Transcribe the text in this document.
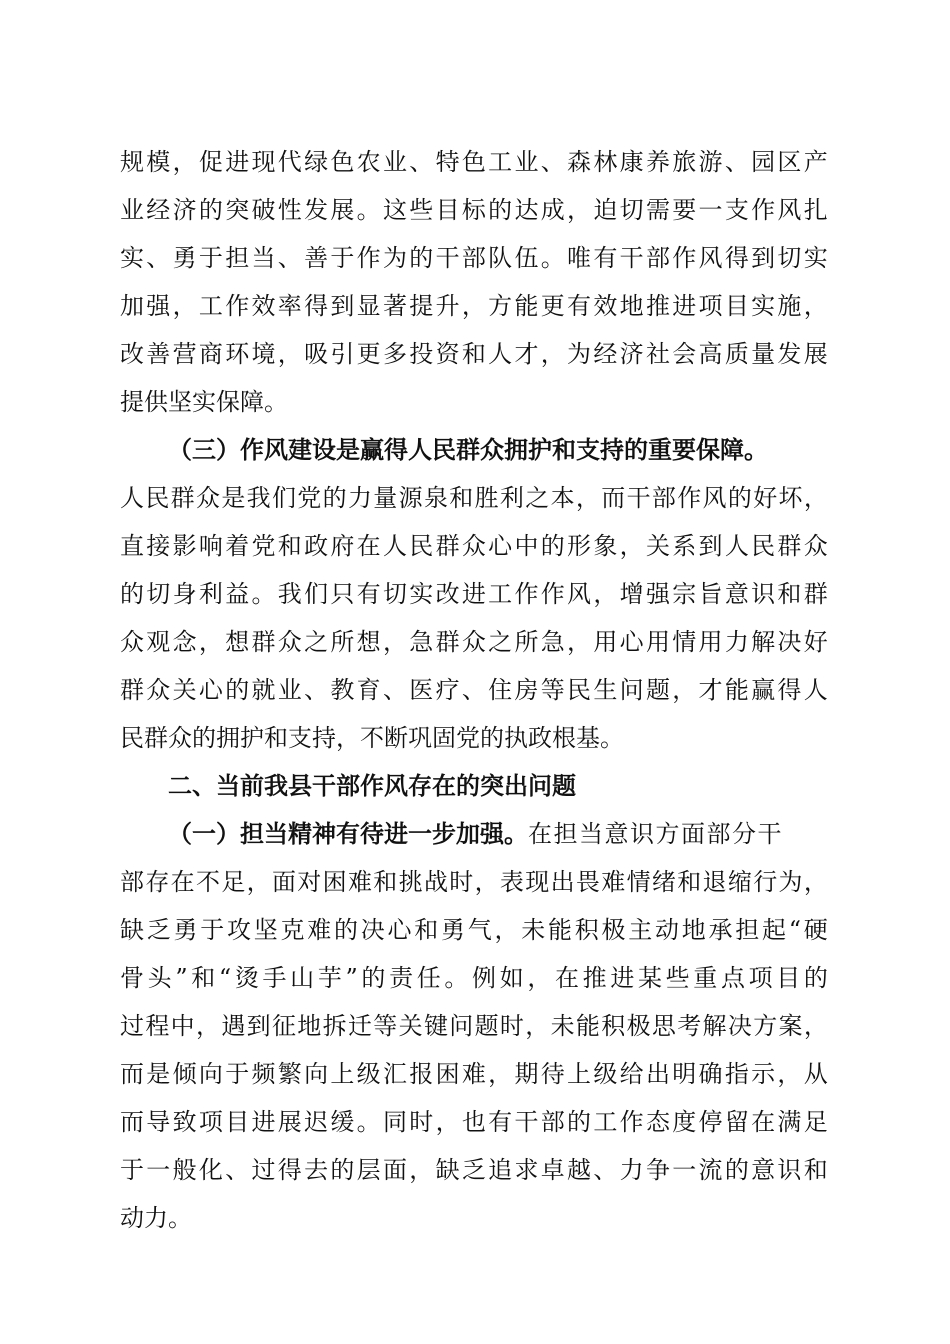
规 模 ， 促 进 现 代 绿 色 农 业 、 特 色 工 业 、 森 林 康 养 旅 游 、 园 区 产
业 经 济 的 突 破 性 发 展 。 这 些 目 标 的 达 成 ， 迫 切 需 要 一 支 作 风 扎
实 、 勇 于 担 当 、 善 于 作 为 的 干 部 队 伍 。 唯 有 干 部 作 风 得 到 切 实
加 强 ， 工 作 效 率 得 到 显 著 提 升 ， 方 能 更 有 效 地 推 进 项 目 实 施 ，
改 善 营 商 环 境 ， 吸 引 更 多 投 资 和 人 才 ， 为 经 济 社 会 高 质 量 发 展
提供坚实保障。
（三）作风建设是赢得人民群众拥护和支持的重要保障。
人 民 群 众 是 我 们 党 的 力 量 源 泉 和 胜 利 之 本 ， 而 干 部 作 风 的 好 坏 ，
直 接 影 响 着 党 和 政 府 在 人 民 群 众 心 中 的 形 象 ， 关 系 到 人 民 群 众
的 切 身 利 益 。 我 们 只 有 切 实 改 进 工 作 作 风 ， 增 强 宗 旨 意 识 和 群
众 观 念 ， 想 群 众 之 所 想 ， 急 群 众 之 所 急 ， 用 心 用 情 用 力 解 决 好
群 众 关 心 的 就 业 、 教 育 、 医 疗 、 住 房 等 民 生 问 题 ， 才 能 赢 得 人
民群众的拥护和支持，不断巩固党的执政根基。
二、当前我县干部作风存在的突出问题
（一）担当精神有待进一步加强。 在担当意识方面部分干
部 存 在 不 足 ， 面 对 困 难 和 挑 战 时 ， 表 现 出 畏 难 情 绪 和 退 缩 行 为 ，
缺 乏 勇 于 攻 坚 克 难 的 决 心 和 勇 气 ， 未 能 积 极 主 动 地 承 担 起 “ 硬
骨 头 ” 和 “ 烫 手 山 芋 ” 的 责 任 。 例 如 ， 在 推 进 某 些 重 点 项 目 的
过 程 中 ， 遇 到 征 地 拆 迁 等 关 键 问 题 时 ， 未 能 积 极 思 考 解 决 方 案 ，
而 是 倾 向 于 频 繁 向 上 级 汇 报 困 难 ， 期 待 上 级 给 出 明 确 指 示 ， 从
而 导 致 项 目 进 展 迟 缓 。 同 时 ， 也 有 干 部 的 工 作 态 度 停 留 在 满 足
于 一 般 化 、 过 得 去 的 层 面 ， 缺 乏 追 求 卓 越 、 力 争 一 流 的 意 识 和
动力。
